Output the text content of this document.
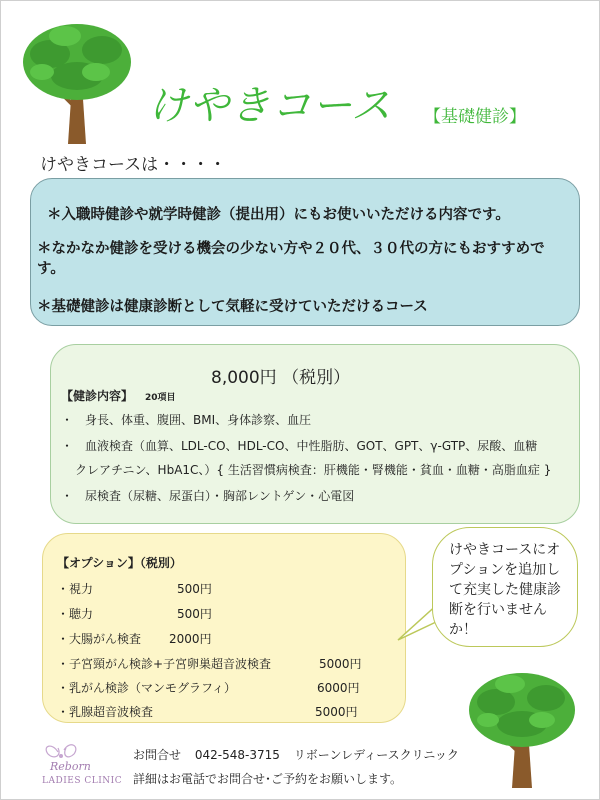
けやきコース 【基礎健診】
けやきコースは・・・・
＊入職時健診や就学時健診（提出用）にもお使いいただける内容です。
＊なかなか健診を受ける機会の少ない方や２０代、３０代の方にもおすすめです。
＊基礎健診は健康診断として気軽に受けていただけるコース
8,000円 （税別）
【健診内容】 20項目
・　身長、体重、腹囲、BMI、身体診察、血圧
・　血液検査（血算、LDL-CO、HDL-CO、中性脂肪、GOT、GPT、γ-GTP、尿酸、血糖
クレアチニン、HbA1C、）{ 生活習慣病検査：肝機能・腎機能・貧血・血糖・高脂血症 }
・　尿検査（尿糖、尿蛋白）・胸部レントゲン・心電図
【オプション】（税別）
・視力	500円
・聴力	500円
・大腸がん検査 2000円
・子宮頸がん検診+子宮卵巣超音波検査	5000円
・乳がん検診（マンモグラフィ）	6000円
・乳腺超音波検査	5000円
けやきコースにオプションを追加して充実した健康診断を行いませんか！
Reborn
LADIES CLINIC
お問合せ 042-548-3715 リボーンレディースクリニック
詳細はお電話でお問合せ･ご予約をお願いします。
